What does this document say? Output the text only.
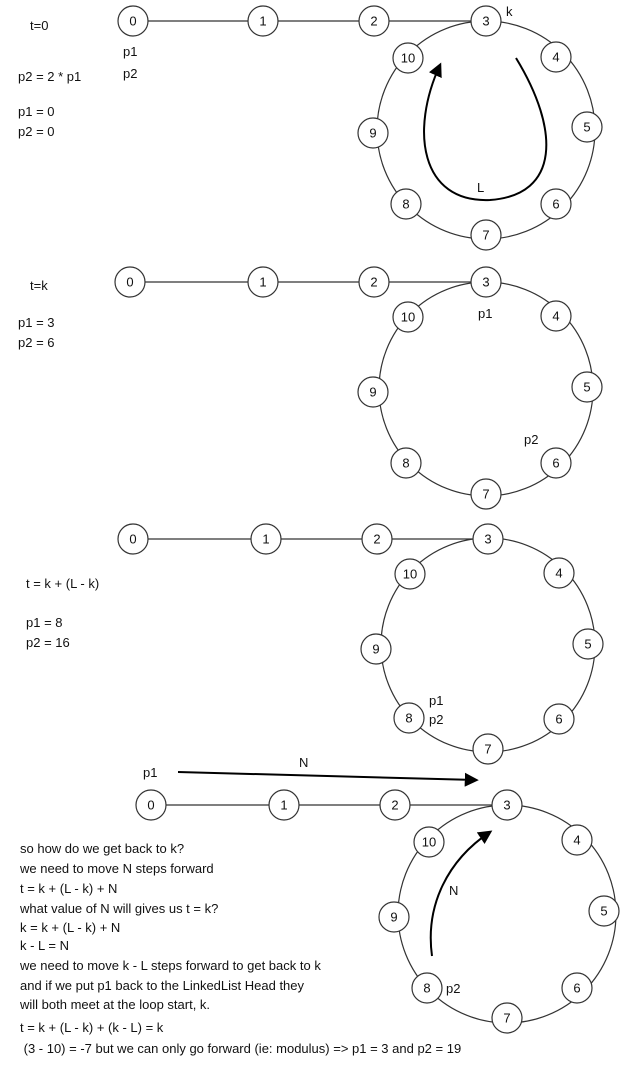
0	1	2	3
4
5
6
7
8
9
10
t=0
p2 = 2 * p1
p1 = 0
p2 = 0
p1
p2
k
L
0	1	2	3
4
5
6
7
8
9
10
t=k
p1 = 3
p2 = 6
p1
p2
0	1	2	3
4
5
6
7
8
9
10
t = k + (L - k)
p1 = 8
p2 = 16
p1
p2
0	1	2	3
4
5
6
7
8
9
10
p1
N
N
p2
so how do we get back to k?
we need to move N steps forward
t = k + (L - k) + N
what value of N will gives us t = k?
k = k + (L - k) + N
k - L = N
we need to move k - L steps forward to get back to k
and if we put p1 back to the LinkedList Head they
will both meet at the loop start, k.
t = k + (L - k) + (k - L) = k
(3 - 10) = -7 but we can only go forward (ie: modulus) => p1 = 3 and p2 = 19
